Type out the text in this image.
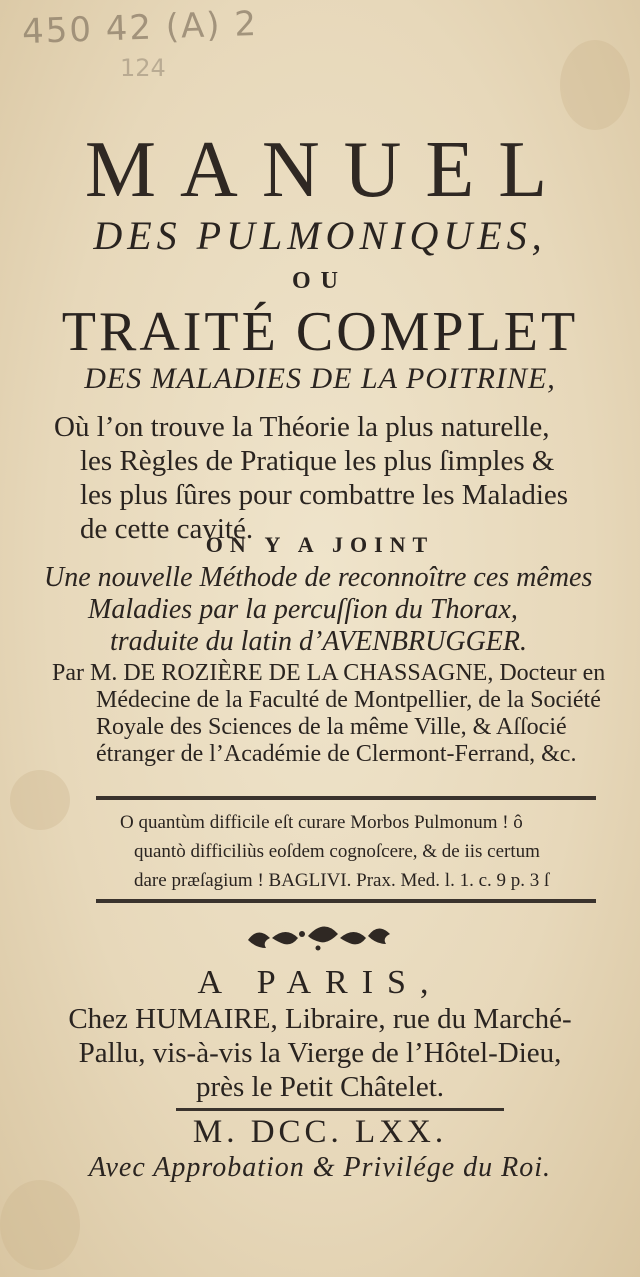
450 42 (A) 2
124
MANUEL
DES PULMONIQUES,
OU
TRAITÉ COMPLET
DES MALADIES DE LA POITRINE,
Où l’on trouve la Théorie la plus naturelle,
les Règles de Pratique les plus ſimples &
les plus ſûres pour combattre les Maladies
de cette cavité.
ON Y A JOINT
Une nouvelle Méthode de reconnoître ces mêmes
Maladies par la percuſſion du Thorax,
traduite du latin d’AVENBRUGGER.
Par M. DE ROZIÈRE DE LA CHASSAGNE, Docteur en
Médecine de la Faculté de Montpellier, de la Société
Royale des Sciences de la même Ville, & Aſſocié
étranger de l’Académie de Clermont-Ferrand, &c.
O quantùm difficile eſt curare Morbos Pulmonum ! ô
quantò difficiliùs eoſdem cognoſcere, & de iis certum
dare præſagium ! BAGLIVI. Prax. Med. l. 1. c. 9 p. 3 ſ
A PARIS,
Chez HUMAIRE, Libraire, rue du Marché-
Pallu, vis-à-vis la Vierge de l’Hôtel-Dieu,
près le Petit Châtelet.
M. DCC. LXX.
Avec Approbation & Privilége du Roi.
